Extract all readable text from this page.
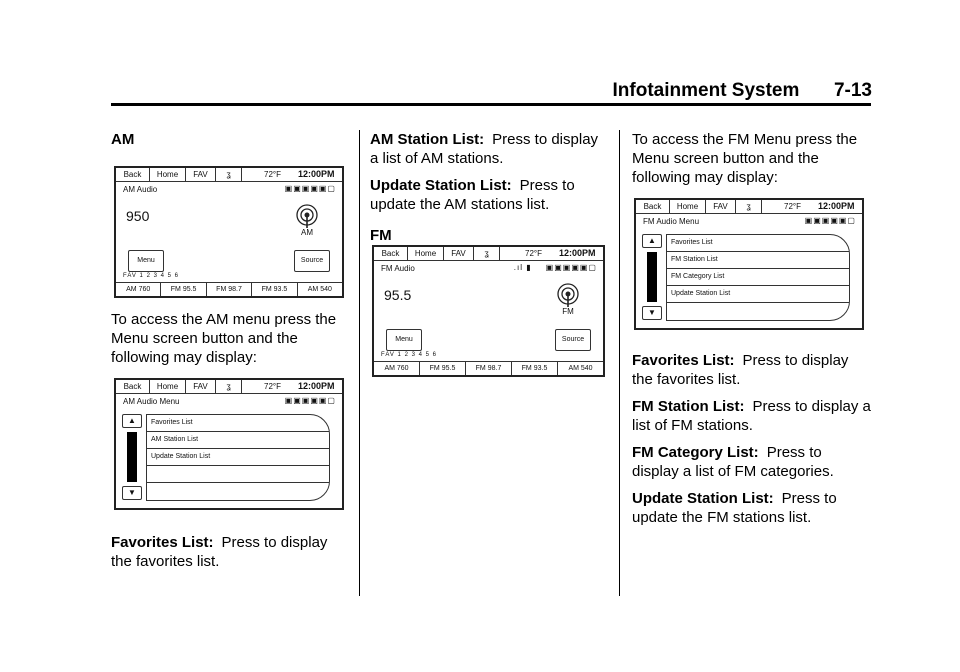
Infotainment System 7-13
AM
Back	Home	FAV	ʓ	72°F	12:00PM
AM Audio	▣▣▣▣▣▢
950
AM
Menu	Source
FAV 1 2 3 4 5 6
AM 760	FM 95.5	FM 98.7	FM 93.5	AM 540
To access the AM menu press the Menu screen button and the following may display:
Back	Home	FAV	ʓ	72°F	12:00PM
AM Audio Menu	▣▣▣▣▣▢
▲
▼
Favorites List
AM Station List
Update Station List
Favorites List: Press to display the favorites list.
AM Station List: Press to display a list of AM stations.
Update Station List: Press to update the AM stations list.
FM
Back	Home	FAV	ʓ	72°F	12:00PM
FM Audio	.ıl ▮ ▣▣▣▣▣▢
95.5
FM
Menu	Source
FAV 1 2 3 4 5 6
AM 760	FM 95.5	FM 98.7	FM 93.5	AM 540
To access the FM Menu press the Menu screen button and the following may display:
Back	Home	FAV	ʓ	72°F	12:00PM
FM Audio Menu	▣▣▣▣▣▢
▲
▼
Favorites List
FM Station List
FM Category List
Update Station List
Favorites List: Press to display the favorites list.
FM Station List: Press to display a list of FM stations.
FM Category List: Press to display a list of FM categories.
Update Station List: Press to update the FM stations list.
